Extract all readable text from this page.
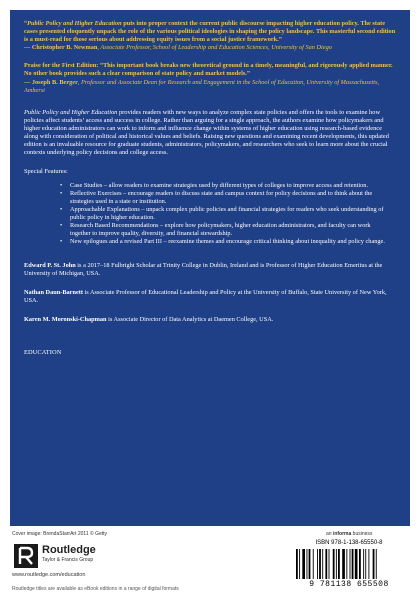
“Public Policy and Higher Education puts into proper context the current public discourse impacting higher education policy. The state cases presented eloquently unpack the role of the various political ideologies in shaping the policy landscape. This masterful second edition is a must-read for those serious about addressing equity issues from a social justice framework.”
— Christopher B. Newman, Associate Professor, School of Leadership and Education Sciences, University of San Diego

Praise for the First Edition: “This important book breaks new theoretical ground in a timely, meaningful, and rigorously applied manner. No other book provides such a clear comparison of state policy and market models.”
— Joseph B. Berger, Professor and Associate Dean for Research and Engagement in the School of Education, University of Massachusetts, Amherst

Public Policy and Higher Education provides readers with new ways to analyze complex state policies and offers the tools to examine how policies affect students’ access and success in college. Rather than arguing for a single approach, the authors examine how policymakers and higher education administrators can work to inform and influence change within systems of higher education using research-based evidence along with consideration of political and historical values and beliefs. Raising new questions and examining recent developments, this updated edition is an invaluable resource for graduate students, administrators, policymakers, and researchers who seek to learn more about the crucial contexts underlying policy decisions and college access.

Special Features:

• Case Studies – allow readers to examine strategies used by different types of colleges to improve access and retention.
• Reflective Exercises – encourage readers to discuss state and campus context for policy decisions and to think about the strategies used in a state or institution.
• Approachable Explanations – unpack complex public policies and financial strategies for readers who seek understanding of public policy in higher education.
• Research Based Recommendations – explore how policymakers, higher education administrators, and faculty can work together to improve quality, diversity, and financial stewardship.
• New epilogues and a revised Part III – reexamine themes and encourage critical thinking about inequality and policy change.

Edward P. St. John is a 2017–18 Fulbright Scholar at Trinity College in Dublin, Ireland and is Professor of Higher Education Emeritus at the University of Michigan, USA.

Nathan Daun-Barnett is Associate Professor of Educational Leadership and Policy at the University of Buffalo, State University of New York, USA.

Karen M. Moronski-Chapman is Associate Director of Data Analytics at Daemen College, USA.

EDUCATION

Cover image: BrendaStarrArt 2011 © Getty
Routledge
Taylor & Francis Group
www.routledge.com/education
Routledge titles are available as eBook editions in a range of digital formats
an informa business
ISBN 978-1-138-65550-8
9 781138 655508
